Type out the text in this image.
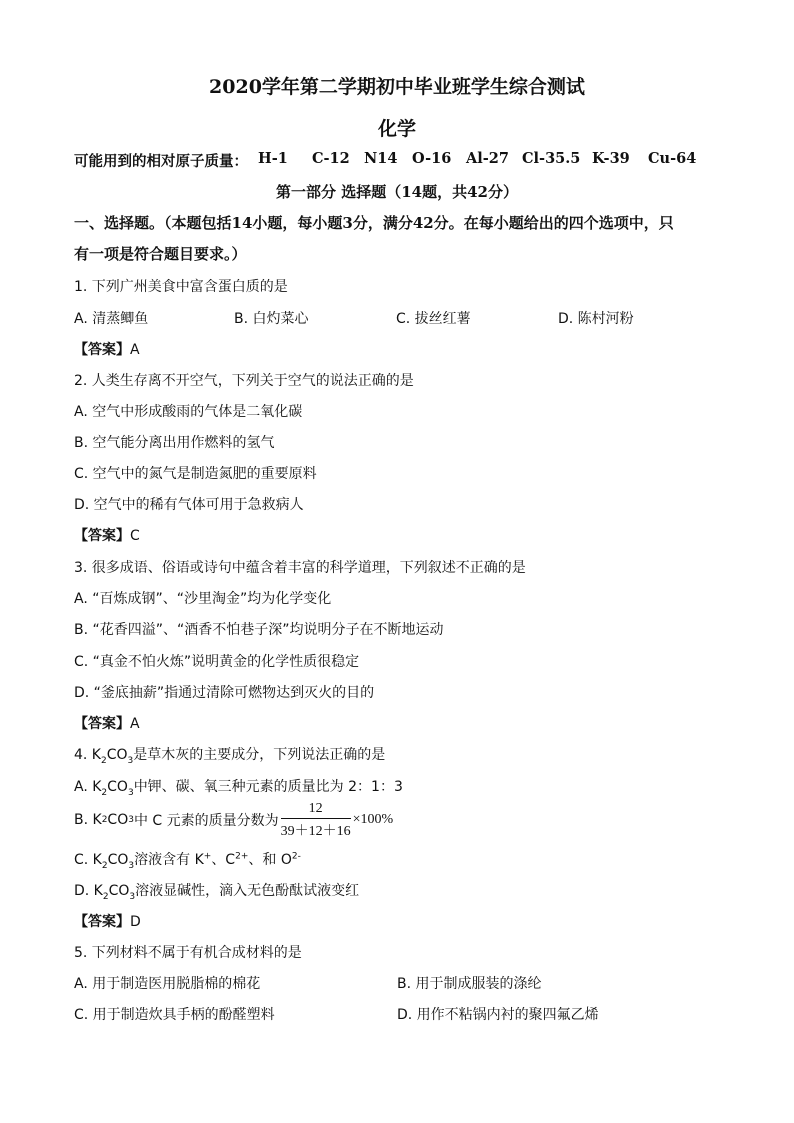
2020学年第二学期初中毕业班学生综合测试
化学
可能用到的相对原子质量： H-1 C-12 N14 O-16 Al-27 Cl-35.5 K-39 Cu-64
第一部分 选择题（14题，共42分）
一、选择题。（本题包括14小题，每小题3分，满分42分。在每小题给出的四个选项中，只
有一项是符合题目要求。）
1. 下列广州美食中富含蛋白质的是
A. 清蒸鲫鱼	B. 白灼菜心	C. 拔丝红薯	D. 陈村河粉
【答案】A
2. 人类生存离不开空气，下列关于空气的说法正确的是
A. 空气中形成酸雨的气体是二氧化碳
B. 空气能分离出用作燃料的氢气
C. 空气中的氮气是制造氮肥的重要原料
D. 空气中的稀有气体可用于急救病人
【答案】C
3. 很多成语、俗语或诗句中蕴含着丰富的科学道理，下列叙述不正确的是
A. “百炼成钢”、“沙里淘金”均为化学变化
B. “花香四溢”、“酒香不怕巷子深”均说明分子在不断地运动
C. “真金不怕火炼”说明黄金的化学性质很稳定
D. “釜底抽薪”指通过清除可燃物达到灭火的目的
【答案】A
4. $K_2CO_3$是草木灰的主要成分，下列说法正确的是
A. $K_2CO_3$中钾、碳、氧三种元素的质量比为 2：1：3
B. K 2 CO 3 中 C 元素的质量分数为 $\frac{12}{39+12+16} \times 100\%$
C. $K_2CO_3$溶液含有 K+、$C^{2+}$、和 $O^{2-}$
D. $K_2CO_3$溶液显碱性，滴入无色酚酞试液变红
【答案】D
5. 下列材料不属于有机合成材料的是
A. 用于制造医用脱脂棉的棉花	B. 用于制成服装的涤纶
C. 用于制造炊具手柄的酚醛塑料	D. 用作不粘锅内衬的聚四氟乙烯
